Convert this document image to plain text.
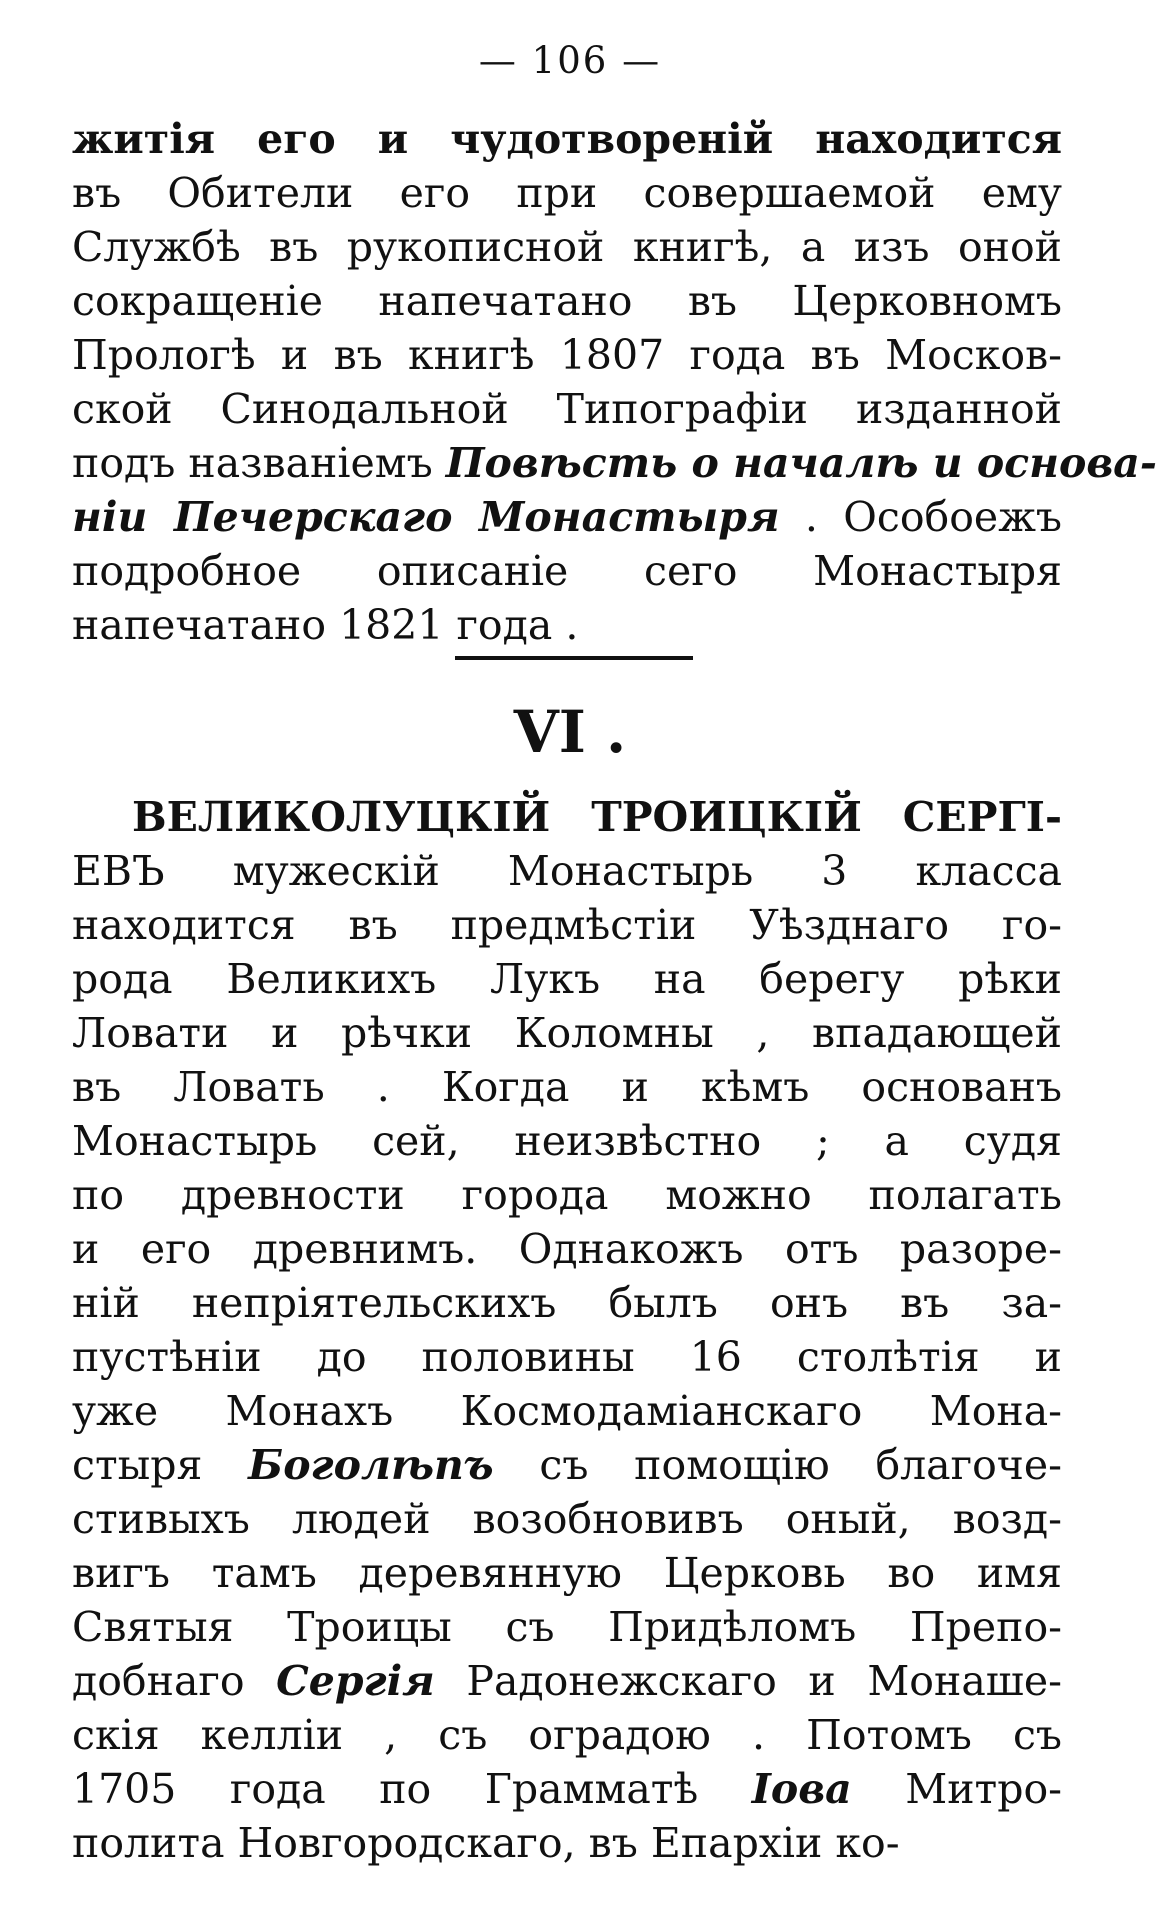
— 106 —
житія его и чудотвореній находится
въ Обители его при совершаемой ему
Службѣ въ рукописной книгѣ, а изъ оной
сокращеніе напечатано въ Церковномъ
Прологѣ и въ книгѣ 1807 года въ Москов-
ской Синодальной Типографіи изданной
подъ названіемъ Повѣсть о началѣ и основа-
ніи Печерскаго Монастыря . Особоежъ
подробное описаніе сего Монастыря
напечатано 1821 года .
VI .
ВЕЛИКОЛУЦКІЙ ТРОИЦКІЙ СЕРГІ-
ЕВЪ мужескій Монастырь 3 класса
находится въ предмѣстіи Уѣзднаго го-
рода Великихъ Лукъ на берегу рѣки
Ловати и рѣчки Коломны , впадающей
въ Ловать . Когда и кѣмъ основанъ
Монастырь сей, неизвѣстно ; а судя
по древности города можно полагать
и его древнимъ. Однакожъ отъ разоре-
ній непріятельскихъ былъ онъ въ за-
пустѣніи до половины 16 столѣтія и
уже Монахъ Космодаміанскаго Мона-
стыря Боголѣпъ съ помощію благоче-
стивыхъ людей возобновивъ оный, возд-
вигъ тамъ деревянную Церковь во имя
Святыя Троицы съ Придѣломъ Препо-
добнаго Сергія Радонежскаго и Монаше-
скія келліи , съ оградою . Потомъ съ
1705 года по Грамматѣ Іова Митро-
полита Новгородскаго, въ Епархіи ко-
